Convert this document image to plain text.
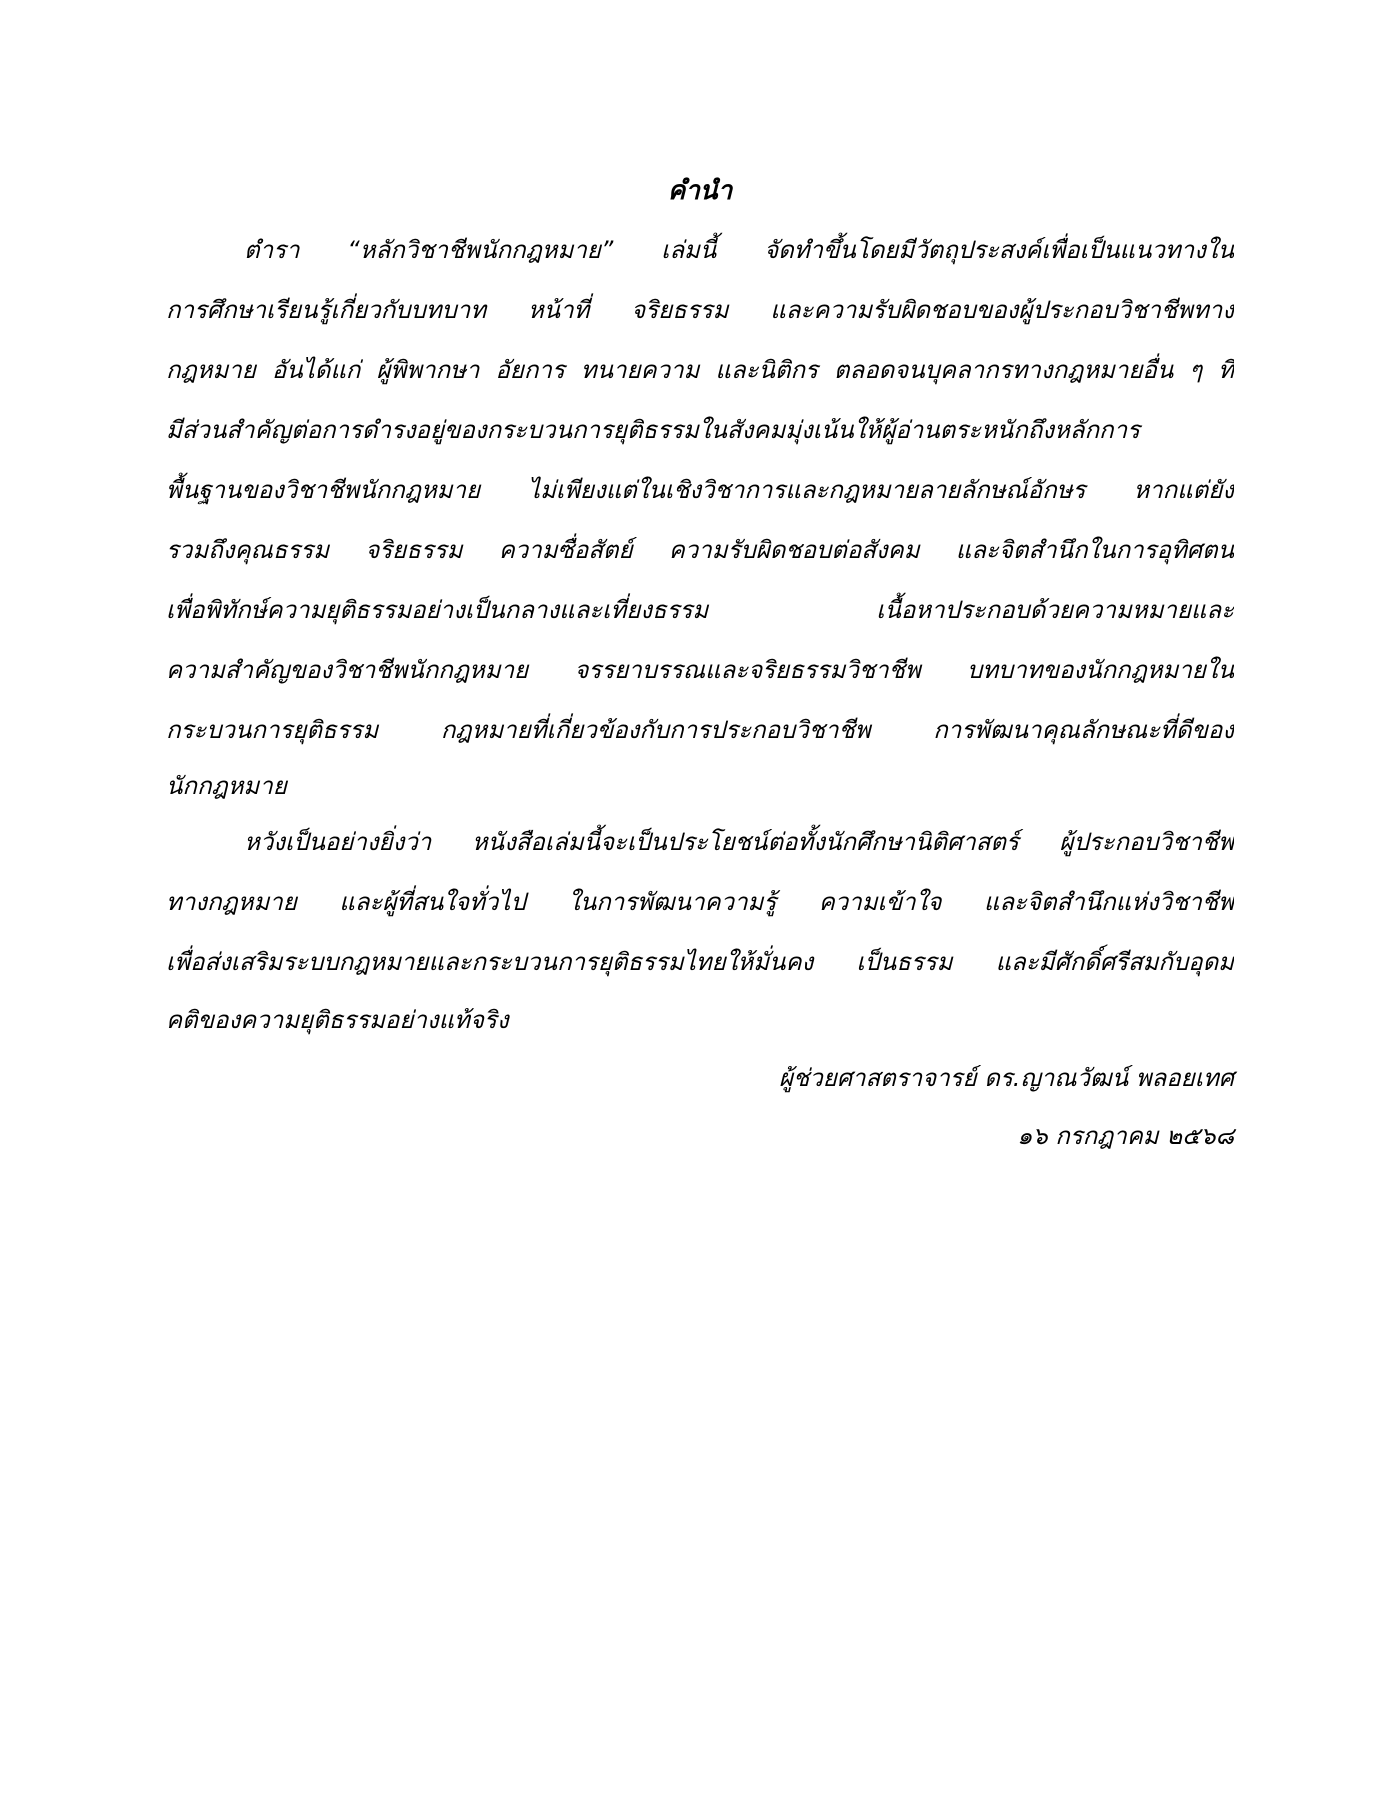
คำนำ
ตำรา “หลักวิชาชีพนักกฎหมาย” เล่มนี้ จัดทำขึ้นโดยมีวัตถุประสงค์เพื่อเป็นแนวทางใน
การศึกษาเรียนรู้เกี่ยวกับบทบาท หน้าที่ จริยธรรม และความรับผิดชอบของผู้ประกอบวิชาชีพทาง
กฎหมาย อันได้แก่ ผู้พิพากษา อัยการ ทนายความ และนิติกร ตลอดจนบุคลากรทางกฎหมายอื่น ๆ ที่
มีส่วนสำคัญต่อการดำรงอยู่ของกระบวนการยุติธรรมในสังคมมุ่งเน้นให้ผู้อ่านตระหนักถึงหลักการ
พื้นฐานของวิชาชีพนักกฎหมาย ไม่เพียงแต่ในเชิงวิชาการและกฎหมายลายลักษณ์อักษร หากแต่ยัง
รวมถึงคุณธรรม จริยธรรม ความซื่อสัตย์ ความรับผิดชอบต่อสังคม และจิตสำนึกในการอุทิศตน
เพื่อพิทักษ์ความยุติธรรมอย่างเป็นกลางและเที่ยงธรรม เนื้อหาประกอบด้วยความหมายและ
ความสำคัญของวิชาชีพนักกฎหมาย จรรยาบรรณและจริยธรรมวิชาชีพ บทบาทของนักกฎหมายใน
กระบวนการยุติธรรม กฎหมายที่เกี่ยวข้องกับการประกอบวิชาชีพ การพัฒนาคุณลักษณะที่ดีของ
นักกฎหมาย
หวังเป็นอย่างยิ่งว่า หนังสือเล่มนี้จะเป็นประโยชน์ต่อทั้งนักศึกษานิติศาสตร์ ผู้ประกอบวิชาชีพ
ทางกฎหมาย และผู้ที่สนใจทั่วไป ในการพัฒนาความรู้ ความเข้าใจ และจิตสำนึกแห่งวิชาชีพ
เพื่อส่งเสริมระบบกฎหมายและกระบวนการยุติธรรมไทยให้มั่นคง เป็นธรรม และมีศักดิ์ศรีสมกับอุดม
คติของความยุติธรรมอย่างแท้จริง
ผู้ช่วยศาสตราจารย์ ดร.ญาณวัฒน์ พลอยเทศ
๑๖ กรกฎาคม ๒๕๖๘
